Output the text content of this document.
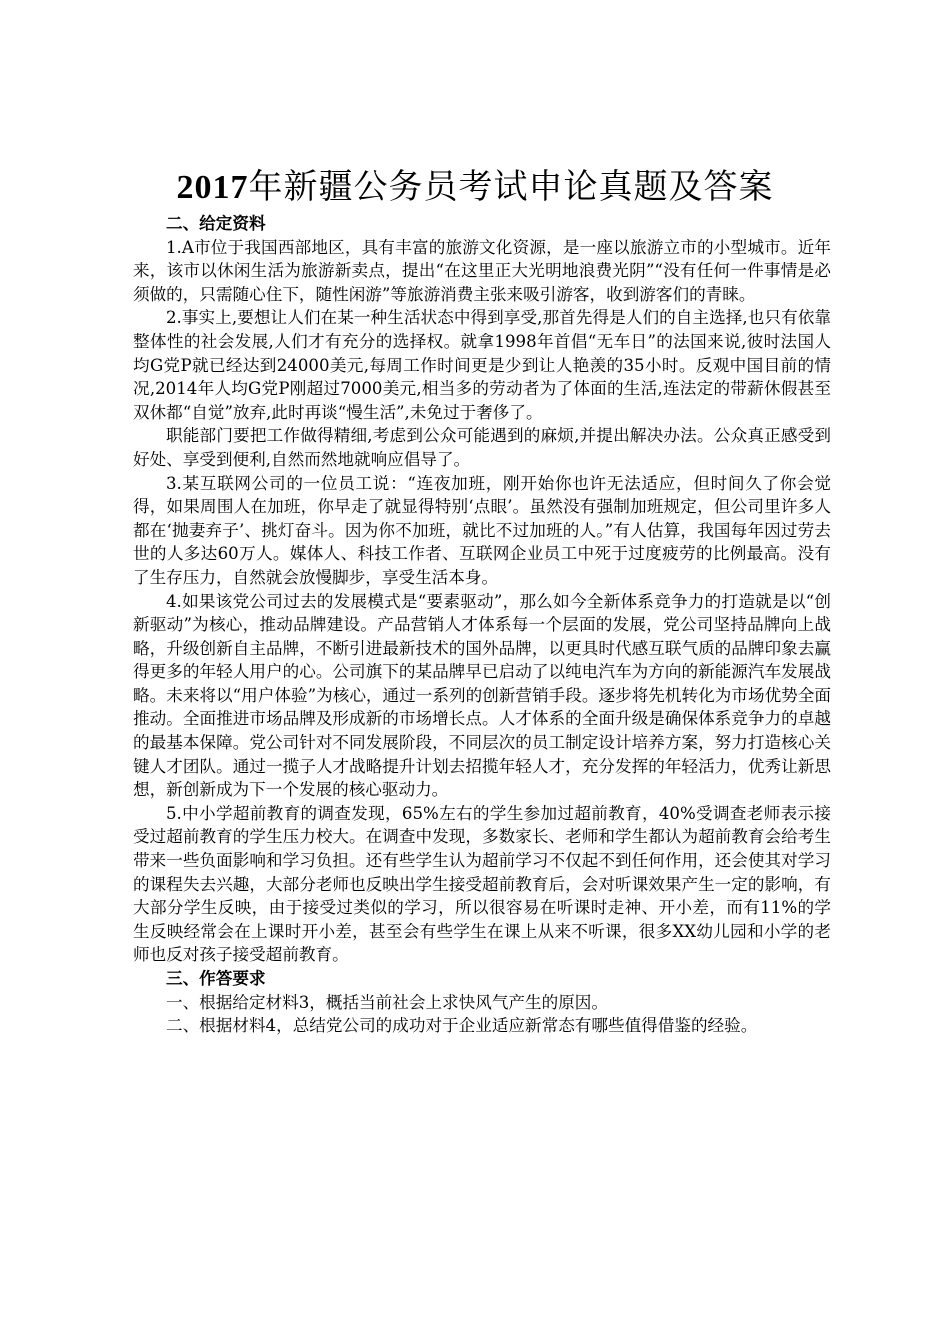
2017年新疆公务员考试申论真题及答案

二、给定资料

1.A市位于我国西部地区，具有丰富的旅游文化资源，是一座以旅游立市的小型城市。近年来，该市以休闲生活为旅游新卖点，提出“在这里正大光明地浪费光阴”“没有任何一件事情是必须做的，只需随心住下，随性闲游”等旅游消费主张来吸引游客，收到游客们的青睐。

2.事实上,要想让人们在某一种生活状态中得到享受,那首先得是人们的自主选择,也只有依靠整体性的社会发展,人们才有充分的选择权。就拿1998年首倡“无车日”的法国来说,彼时法国人均G党P就已经达到24000美元,每周工作时间更是少到让人艳羡的35小时。反观中国目前的情况,2014年人均G党P刚超过7000美元,相当多的劳动者为了体面的生活,连法定的带薪休假甚至双休都“自觉”放弃,此时再谈“慢生活”,未免过于奢侈了。

职能部门要把工作做得精细,考虑到公众可能遇到的麻烦,并提出解决办法。公众真正感受到好处、享受到便利,自然而然地就响应倡导了。

3.某互联网公司的一位员工说：“连夜加班，刚开始你也许无法适应，但时间久了你会觉得，如果周围人在加班，你早走了就显得特别‘点眼’。虽然没有强制加班规定，但公司里许多人都在‘抛妻弃子’、挑灯奋斗。因为你不加班，就比不过加班的人。”有人估算，我国每年因过劳去世的人多达60万人。媒体人、科技工作者、互联网企业员工中死于过度疲劳的比例最高。没有了生存压力，自然就会放慢脚步，享受生活本身。

4.如果该党公司过去的发展模式是“要素驱动”，那么如今全新体系竞争力的打造就是以“创新驱动”为核心，推动品牌建设。产品营销人才体系每一个层面的发展，党公司坚持品牌向上战略，升级创新自主品牌，不断引进最新技术的国外品牌，以更具时代感互联气质的品牌印象去赢得更多的年轻人用户的心。公司旗下的某品牌早已启动了以纯电汽车为方向的新能源汽车发展战略。未来将以“用户体验”为核心，通过一系列的创新营销手段。逐步将先机转化为市场优势全面推动。全面推进市场品牌及形成新的市场增长点。人才体系的全面升级是确保体系竞争力的卓越的最基本保障。党公司针对不同发展阶段，不同层次的员工制定设计培养方案，努力打造核心关键人才团队。通过一揽子人才战略提升计划去招揽年轻人才，充分发挥的年轻活力，优秀让新思想，新创新成为下一个发展的核心驱动力。

5.中小学超前教育的调查发现，65%左右的学生参加过超前教育，40%受调查老师表示接受过超前教育的学生压力校大。在调查中发现，多数家长、老师和学生都认为超前教育会给考生带来一些负面影响和学习负担。还有些学生认为超前学习不仅起不到任何作用，还会使其对学习的课程失去兴趣，大部分老师也反映出学生接受超前教育后，会对听课效果产生一定的影响，有大部分学生反映，由于接受过类似的学习，所以很容易在听课时走神、开小差，而有11%的学生反映经常会在上课时开小差，甚至会有些学生在课上从来不听课，很多XX幼儿园和小学的老师也反对孩子接受超前教育。

三、作答要求

一、根据给定材料3，概括当前社会上求快风气产生的原因。

二、根据材料4，总结党公司的成功对于企业适应新常态有哪些值得借鉴的经验。
